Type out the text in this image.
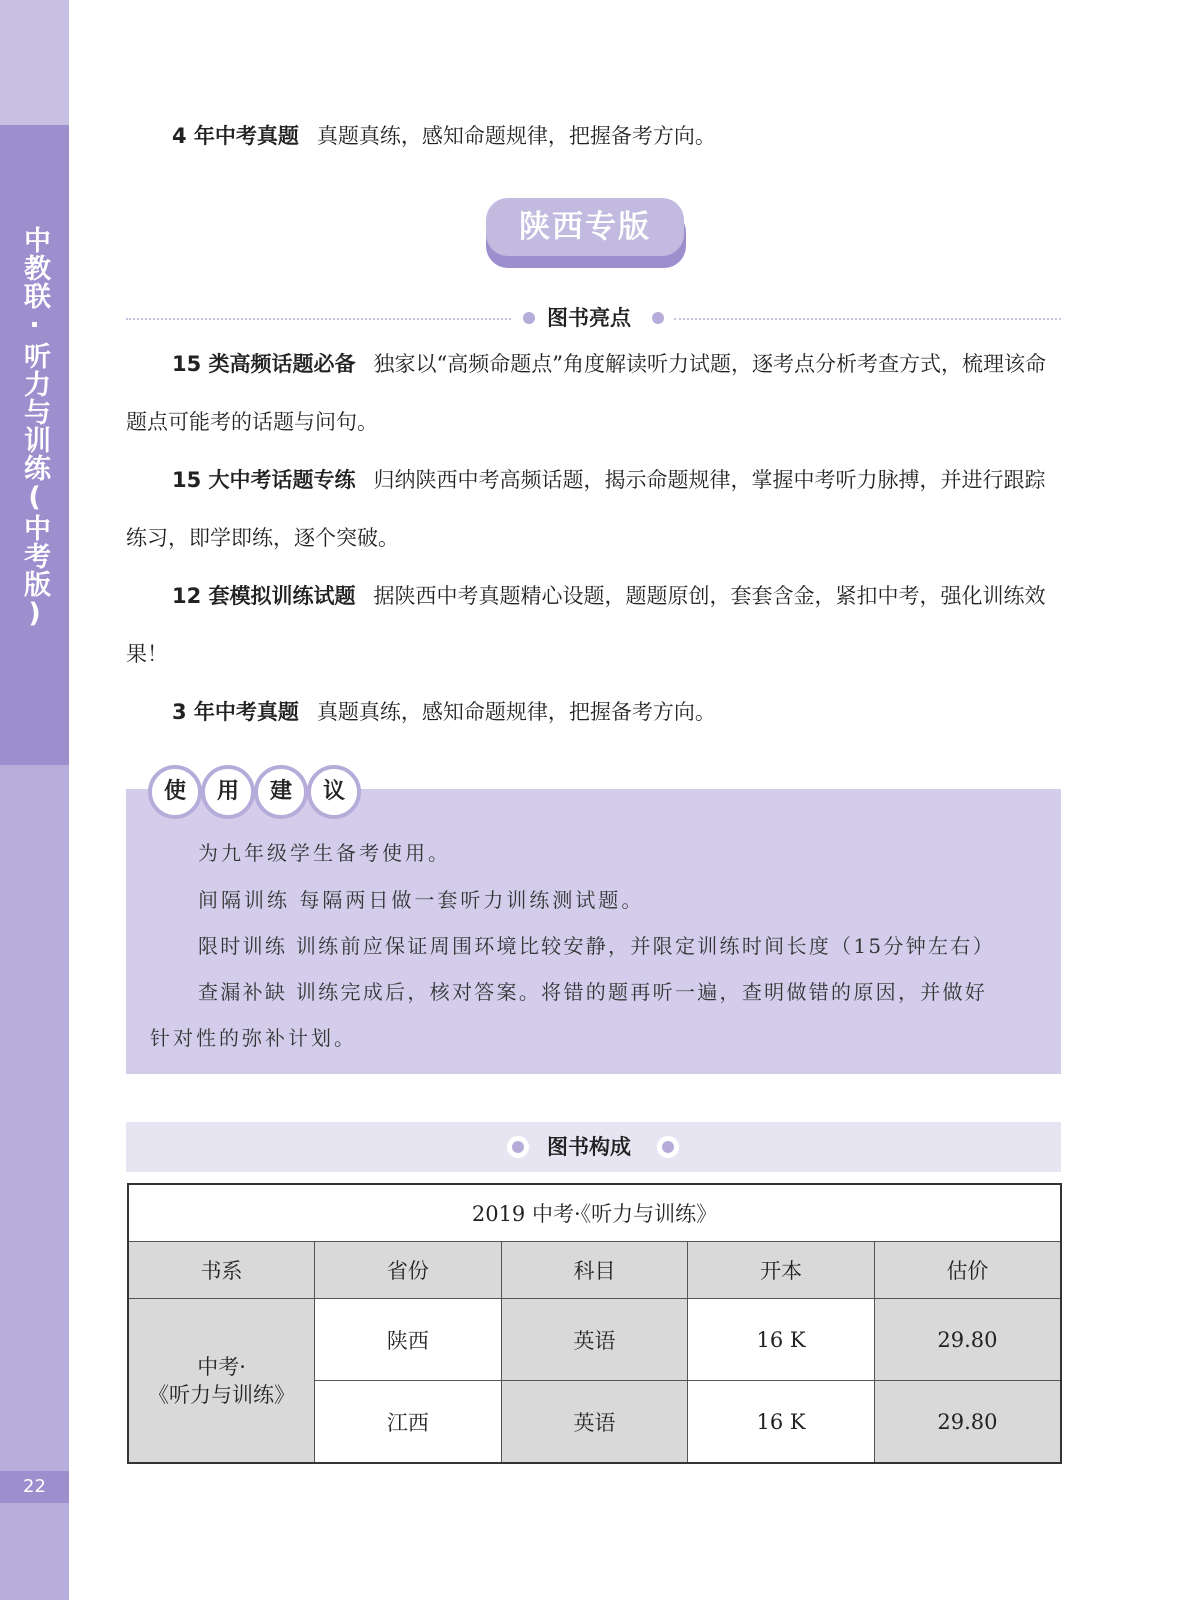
中教联·听力与训练(中考版)
22

4 年中考真题 真题真练，感知命题规律，把握备考方向。

陕西专版
图书亮点

15 类高频话题必备 独家以“高频命题点”角度解读听力试题，逐考点分析考查方式，梳理该命题点可能考的话题与问句。

15 大中考话题专练 归纳陕西中考高频话题，揭示命题规律，掌握中考听力脉搏，并进行跟踪练习，即学即练，逐个突破。

12 套模拟训练试题 据陕西中考真题精心设题，题题原创，套套含金，紧扣中考，强化训练效果！

3 年中考真题 真题真练，感知命题规律，把握备考方向。

使	用	建	议

为九年级学生备考使用。

间隔训练 每隔两日做一套听力训练测试题。

限时训练 训练前应保证周围环境比较安静，并限定训练时间长度（15分钟左右）

查漏补缺 训练完成后，核对答案。将错的题再听一遍，查明做错的原因，并做好

针对性的弥补计划。

图书构成
2019 中考·《听力与训练》				
书系	省份	科目	开本	估价

中考·
《听力与训练》	陕西	英语	16 K	29.80
	江西	英语	16 K	29.80
